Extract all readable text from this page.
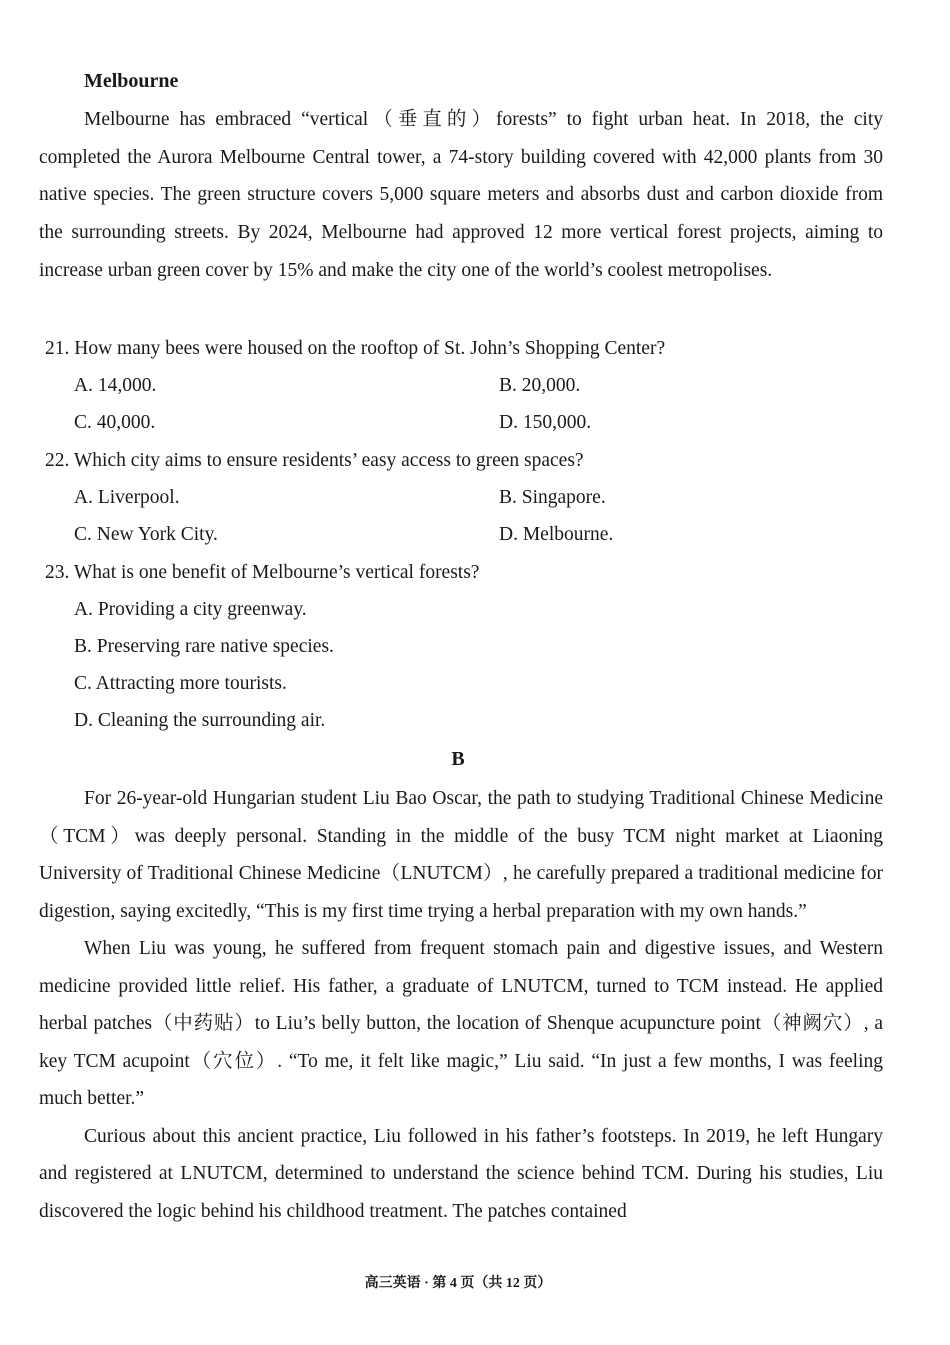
Melbourne

Melbourne has embraced “vertical（垂直的）forests” to fight urban heat. In 2018, the city completed the Aurora Melbourne Central tower, a 74-story building covered with 42,000 plants from 30 native species. The green structure covers 5,000 square meters and absorbs dust and carbon dioxide from the surrounding streets. By 2024, Melbourne had approved 12 more vertical forest projects, aiming to increase urban green cover by 15% and make the city one of the world’s coolest metropolises.

21. How many bees were housed on the rooftop of St. John’s Shopping Center?
A. 14,000.	B. 20,000.
C. 40,000.	D. 150,000.
22. Which city aims to ensure residents’ easy access to green spaces?
A. Liverpool.	B. Singapore.
C. New York City.	D. Melbourne.
23. What is one benefit of Melbourne’s vertical forests?
A. Providing a city greenway.
B. Preserving rare native species.
C. Attracting more tourists.
D. Cleaning the surrounding air.
B

For 26-year-old Hungarian student Liu Bao Oscar, the path to studying Traditional Chinese Medicine（TCM）was deeply personal. Standing in the middle of the busy TCM night market at Liaoning University of Traditional Chinese Medicine（LNUTCM）, he carefully prepared a traditional medicine for digestion, saying excitedly, “This is my first time trying a herbal preparation with my own hands.”

When Liu was young, he suffered from frequent stomach pain and digestive issues, and Western medicine provided little relief. His father, a graduate of LNUTCM, turned to TCM instead. He applied herbal patches（中药贴）to Liu’s belly button, the location of Shenque acupuncture point（神阙穴）, a key TCM acupoint（穴位）. “To me, it felt like magic,” Liu said. “In just a few months, I was feeling much better.”

Curious about this ancient practice, Liu followed in his father’s footsteps. In 2019, he left Hungary and registered at LNUTCM, determined to understand the science behind TCM. During his studies, Liu discovered the logic behind his childhood treatment. The patches contained

高三英语 · 第 4 页（共 12 页）
